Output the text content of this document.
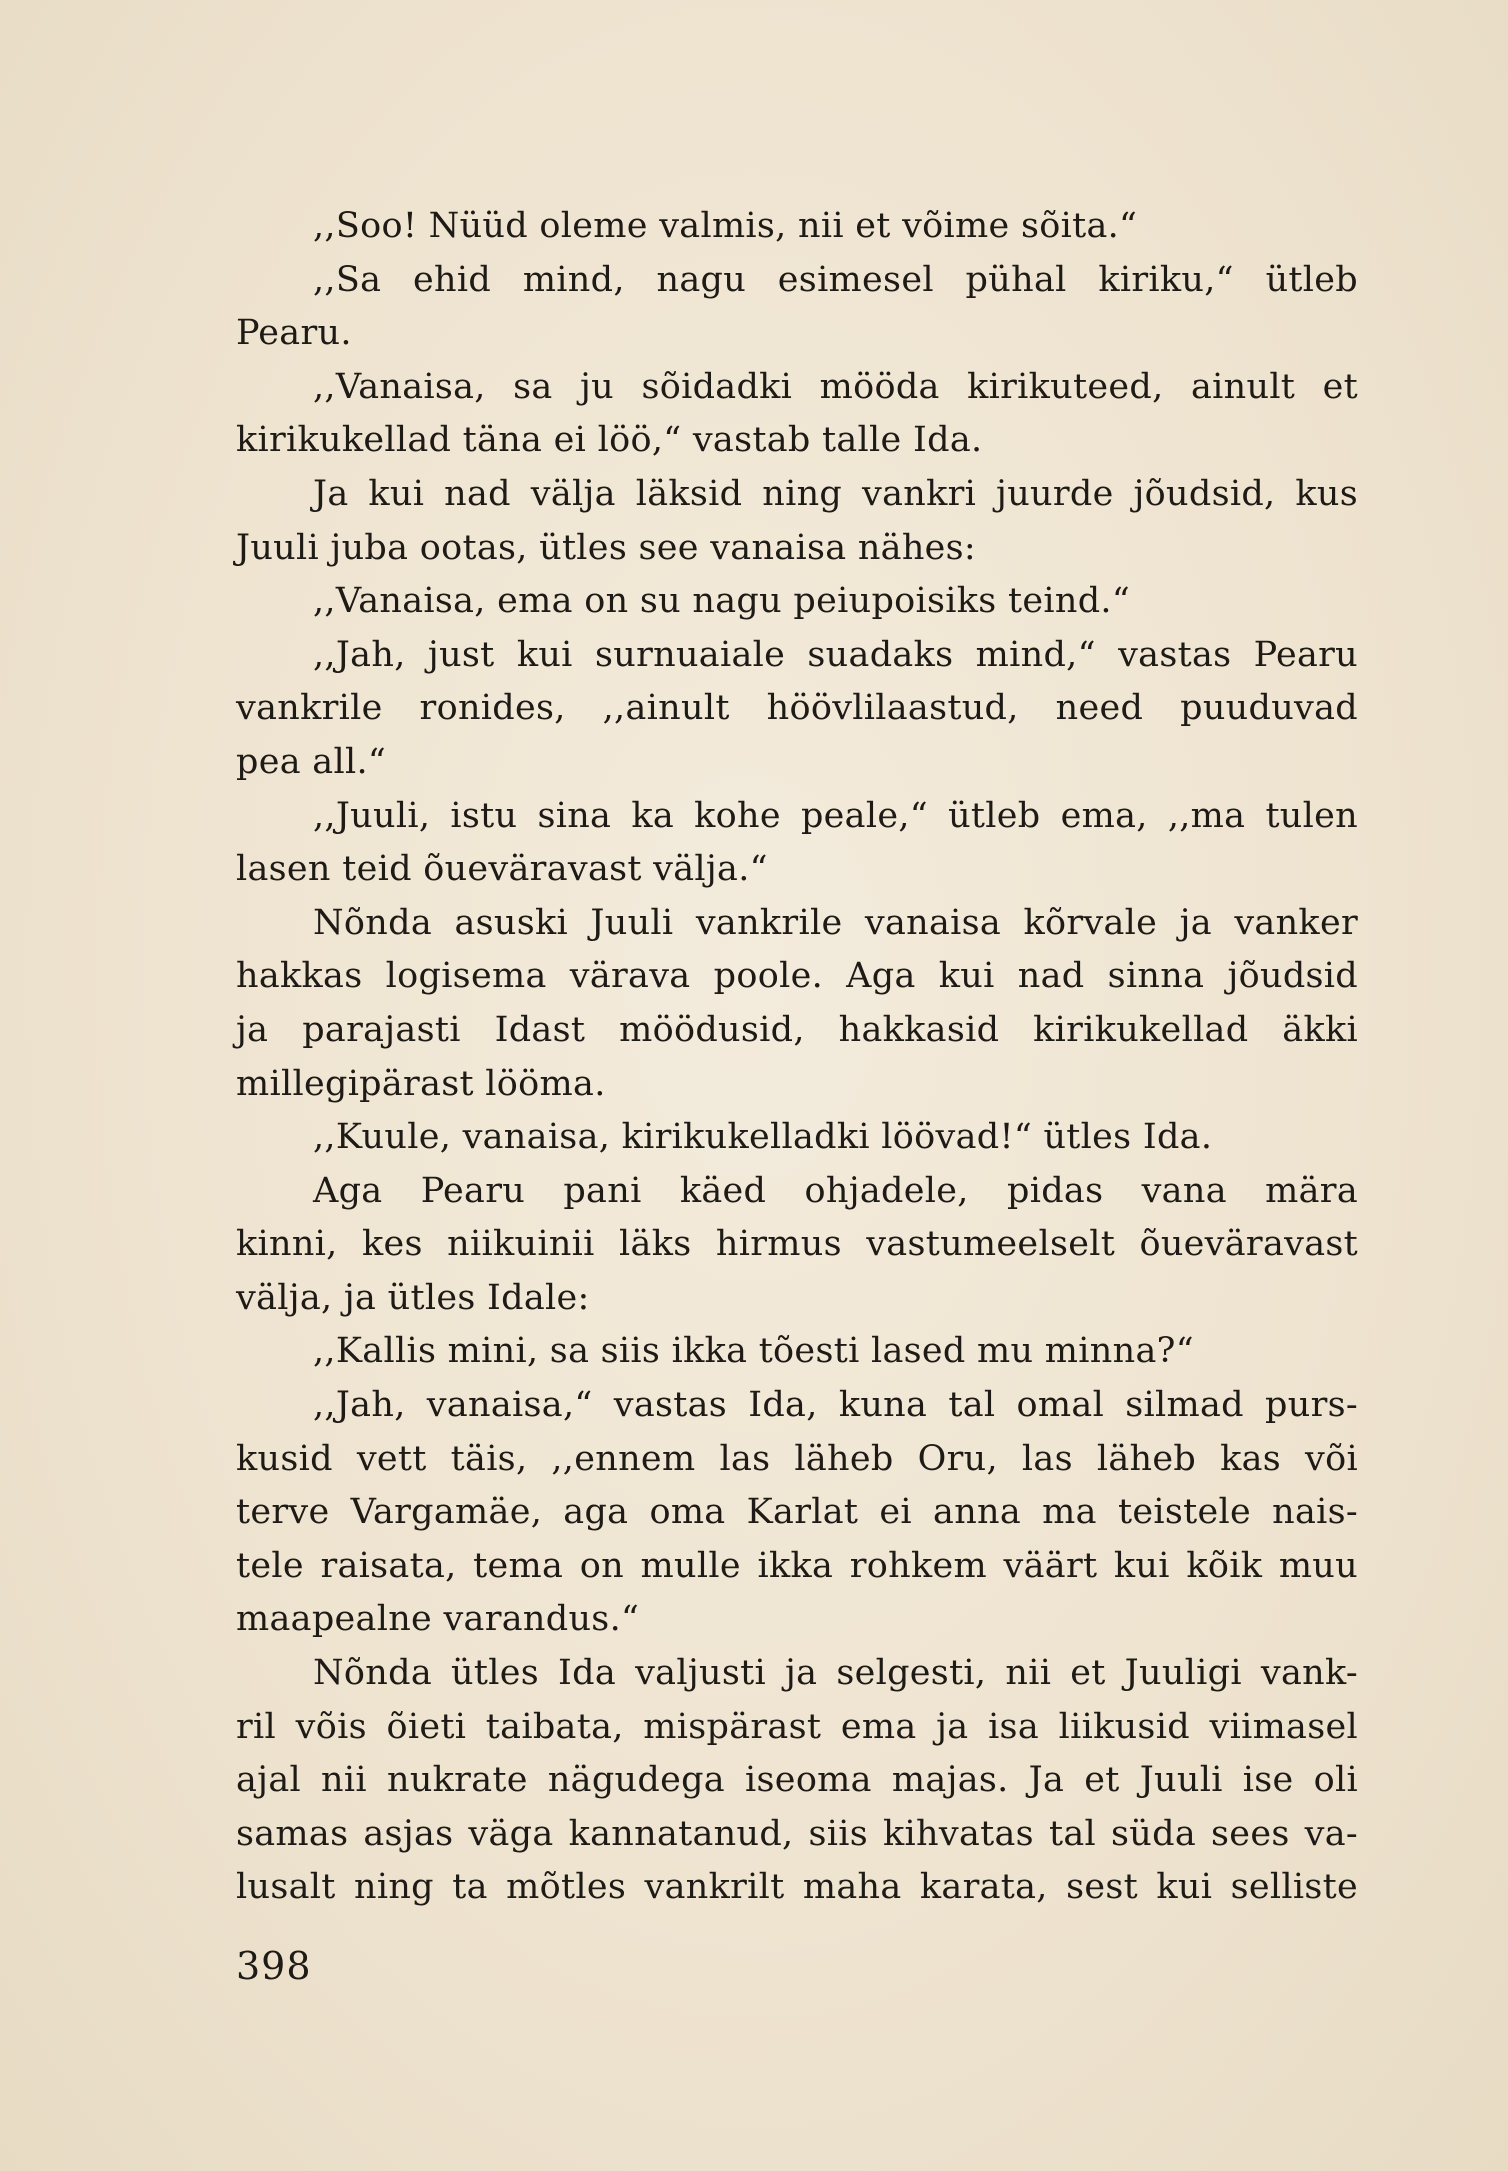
,,Soo! Nüüd oleme valmis, nii et võime sõita.“
,,Sa ehid mind, nagu esimesel pühal kiriku,“ ütleb
Pearu.
,,Vanaisa, sa ju sõidadki mööda kirikuteed, ainult et
kirikukellad täna ei löö,“ vastab talle Ida.
Ja kui nad välja läksid ning vankri juurde jõudsid, kus
Juuli juba ootas, ütles see vanaisa nähes:
,,Vanaisa, ema on su nagu peiupoisiks teind.“
,,Jah, just kui surnuaiale suadaks mind,“ vastas Pearu
vankrile ronides, ,,ainult höövlilaastud, need puuduvad
pea all.“
,,Juuli, istu sina ka kohe peale,“ ütleb ema, ,,ma tulen
lasen teid õueväravast välja.“
Nõnda asuski Juuli vankrile vanaisa kõrvale ja vanker
hakkas logisema värava poole. Aga kui nad sinna jõudsid
ja parajasti Idast möödusid, hakkasid kirikukellad äkki
millegipärast lööma.
,,Kuule, vanaisa, kirikukelladki löövad!“ ütles Ida.
Aga Pearu pani käed ohjadele, pidas vana mära
kinni, kes niikuinii läks hirmus vastumeelselt õueväravast
välja, ja ütles Idale:
,,Kallis mini, sa siis ikka tõesti lased mu minna?“
,,Jah, vanaisa,“ vastas Ida, kuna tal omal silmad purs-
kusid vett täis, ,,ennem las läheb Oru, las läheb kas või
terve Vargamäe, aga oma Karlat ei anna ma teistele nais-
tele raisata, tema on mulle ikka rohkem väärt kui kõik muu
maapealne varandus.“
Nõnda ütles Ida valjusti ja selgesti, nii et Juuligi vank-
ril võis õieti taibata, mispärast ema ja isa liikusid viimasel
ajal nii nukrate nägudega iseoma majas. Ja et Juuli ise oli
samas asjas väga kannatanud, siis kihvatas tal süda sees va-
lusalt ning ta mõtles vankrilt maha karata, sest kui selliste
398
